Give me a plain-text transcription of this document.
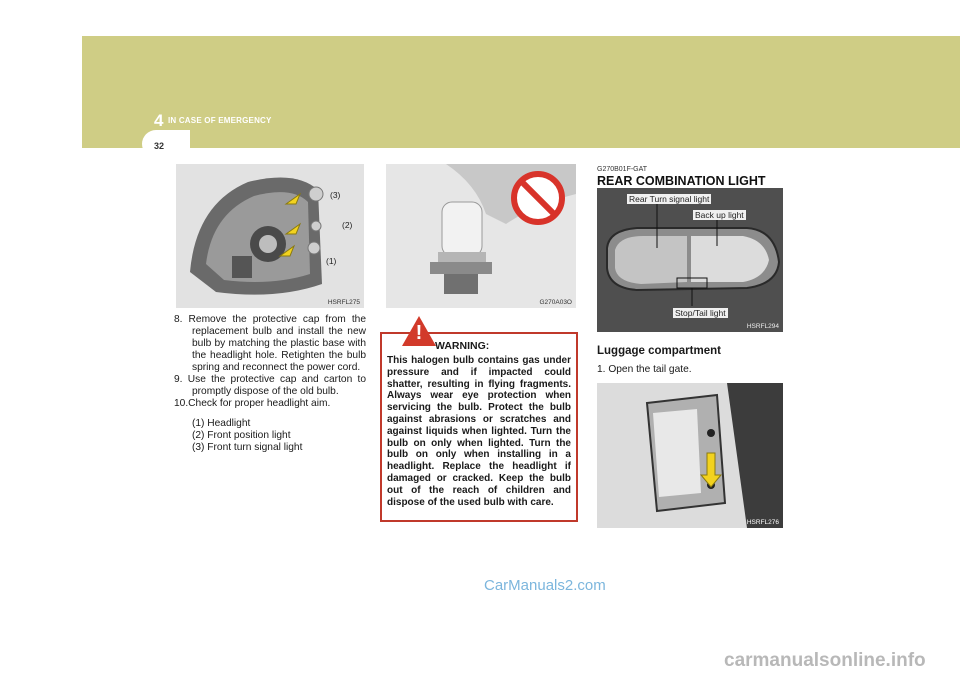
4 IN CASE OF EMERGENCY
32
(3)
(2)
(1)
HSRFL275	G270A03O

8. Remove the protective cap from the replacement bulb and install the new bulb by matching the plastic base with the headlight hole. Retighten the bulb spring and reconnect the power cord.

9. Use the protective cap and carton to promptly dispose of the old bulb.

10.Check for proper headlight aim.

(1) Headlight
(2) Front position light
(3) Front turn signal light
!

WARNING:

This halogen bulb contains gas under pressure and if impacted could shatter, resulting in flying fragments. Always wear eye protection when servicing the bulb. Protect the bulb against abrasions or scratches and against liquids when lighted. Turn the bulb on only when lighted. Turn the bulb on only when installing in a headlight. Replace the headlight if damaged or cracked. Keep the bulb out of the reach of children and dispose of the used bulb with care.

G270B01F-GAT
REAR COMBINATION LIGHT
Rear Turn signal light
Back up light
Stop/Tail light
HSRFL294
Luggage compartment
1. Open the tail gate.
HSRFL276
CarManuals2.com
carmanualsonline.info
